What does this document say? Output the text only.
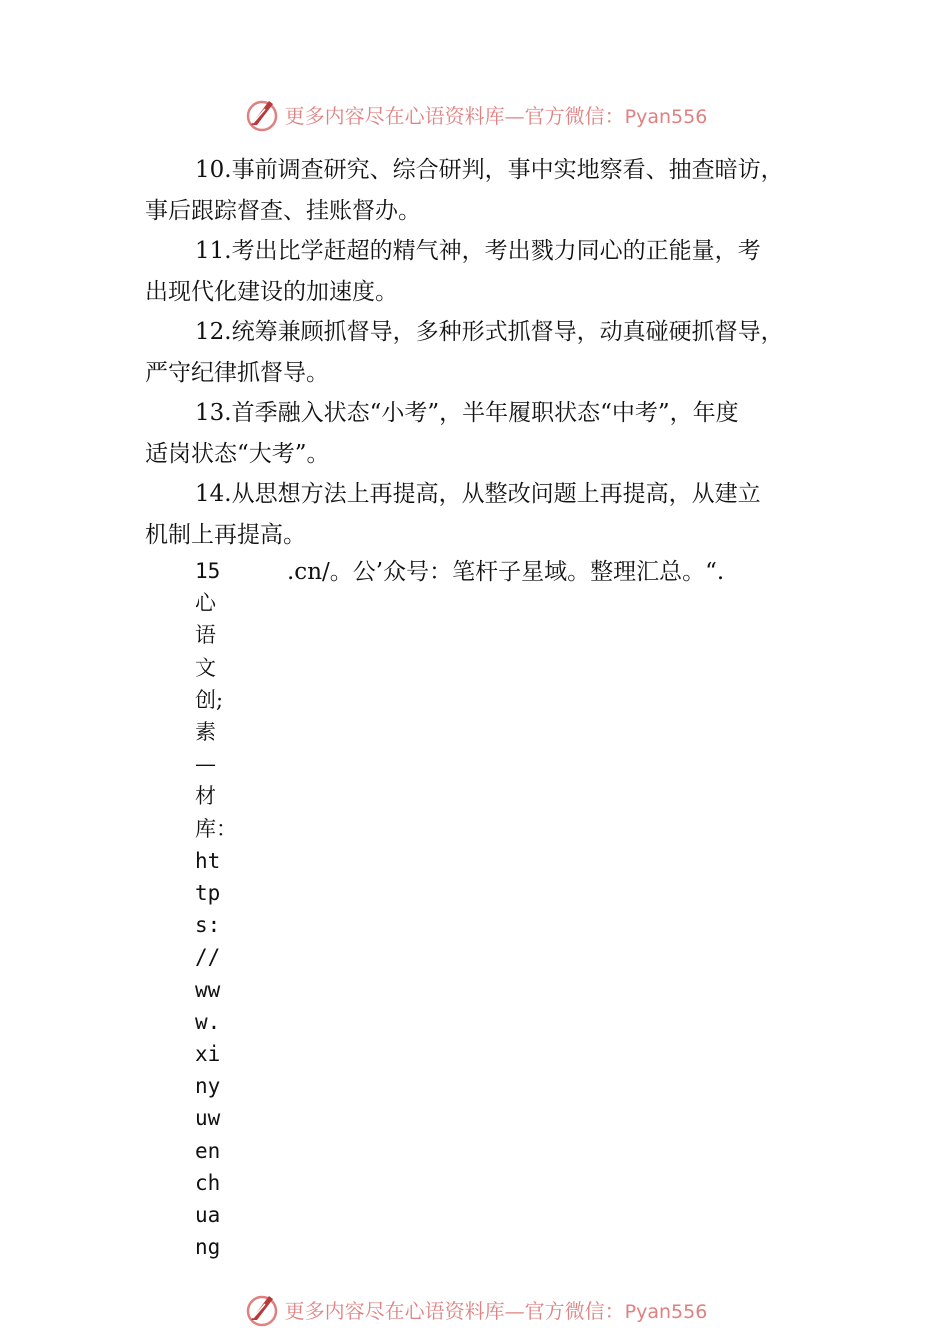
更多内容尽在心语资料库—官方微信：Pyan556

10.事前调查研究、综合研判，事中实地察看、抽查暗访，

事后跟踪督查、挂账督办。

11.考出比学赶超的精气神，考出戮力同心的正能量，考

出现代化建设的加速度。

12.统筹兼顾抓督导，多种形式抓督导，动真碰硬抓督导，

严守纪律抓督导。

13.首季融入状态“小考”，半年履职状态“中考”，年度

适岗状态“大考”。

14.从思想方法上再提高，从整改问题上再提高，从建立

机制上再提高。

15
心
语
文
创;
素
—
材
库：
ht
tp
s:
//
ww
w.
xi
ny
uw
en
ch
ua
ng
.cn/。公’众号：笔杆子星域。整理汇总。“.
更多内容尽在心语资料库—官方微信：Pyan556
